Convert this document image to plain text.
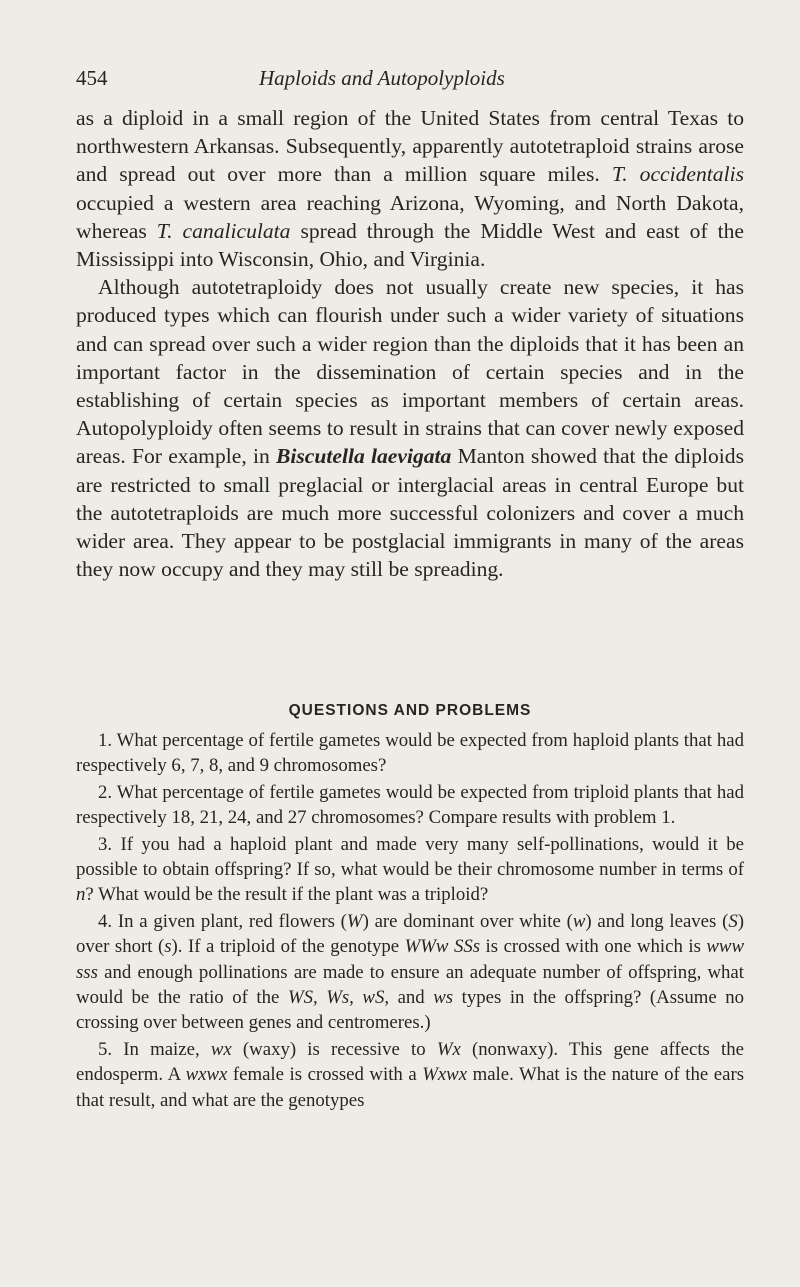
454	Haploids and Autopolyploids

as a diploid in a small region of the United States from central Texas to northwestern Arkansas. Subsequently, apparently autotetraploid strains arose and spread out over more than a million square miles. T. occidentalis occupied a western area reaching Arizona, Wyoming, and North Dakota, whereas T. canaliculata spread through the Middle West and east of the Mississippi into Wisconsin, Ohio, and Virginia.

Although autotetraploidy does not usually create new species, it has produced types which can flourish under such a wider variety of situations and can spread over such a wider region than the diploids that it has been an important factor in the dissemination of certain species and in the establishing of certain species as important members of certain areas. Autopolyploidy often seems to result in strains that can cover newly exposed areas. For example, in Biscutella laevigata Manton showed that the diploids are restricted to small preglacial or interglacial areas in central Europe but the autotetraploids are much more successful colonizers and cover a much wider area. They appear to be postglacial immigrants in many of the areas they now occupy and they may still be spreading.

QUESTIONS AND PROBLEMS

1. What percentage of fertile gametes would be expected from haploid plants that had respectively 6, 7, 8, and 9 chromosomes?

2. What percentage of fertile gametes would be expected from triploid plants that had respectively 18, 21, 24, and 27 chromosomes? Compare results with problem 1.

3. If you had a haploid plant and made very many self-pollinations, would it be possible to obtain offspring? If so, what would be their chromosome number in terms of n? What would be the result if the plant was a triploid?

4. In a given plant, red flowers (W) are dominant over white (w) and long leaves (S) over short (s). If a triploid of the genotype WWw SSs is crossed with one which is www sss and enough pollinations are made to ensure an adequate number of offspring, what would be the ratio of the WS, Ws, wS, and ws types in the offspring? (Assume no crossing over between genes and centromeres.)

5. In maize, wx (waxy) is recessive to Wx (nonwaxy). This gene affects the endosperm. A wxwx female is crossed with a Wxwx male. What is the nature of the ears that result, and what are the genotypes
